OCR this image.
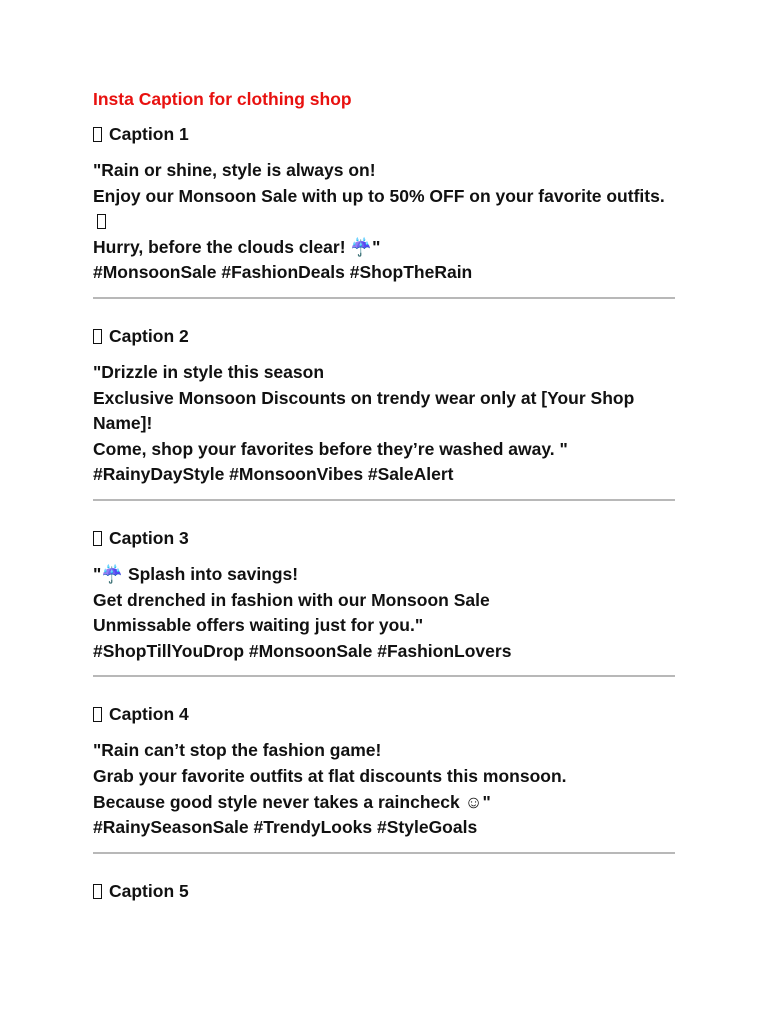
Insta Caption for clothing shop
Caption 1
"Rain or shine, style is always on!
Enjoy our Monsoon Sale with up to 50% OFF on your favorite outfits.
Hurry, before the clouds clear! ☔"
#MonsoonSale #FashionDeals #ShopTheRain
Caption 2
"Drizzle in style this season
Exclusive Monsoon Discounts on trendy wear only at [Your Shop Name]!
Come, shop your favorites before they’re washed away. "
#RainyDayStyle #MonsoonVibes #SaleAlert
Caption 3
"☔ Splash into savings!
Get drenched in fashion with our Monsoon Sale
Unmissable offers waiting just for you."
#ShopTillYouDrop #MonsoonSale #FashionLovers
Caption 4
"Rain can’t stop the fashion game!
Grab your favorite outfits at flat discounts this monsoon.
Because good style never takes a raincheck ☺"
#RainySeasonSale #TrendyLooks #StyleGoals
Caption 5
